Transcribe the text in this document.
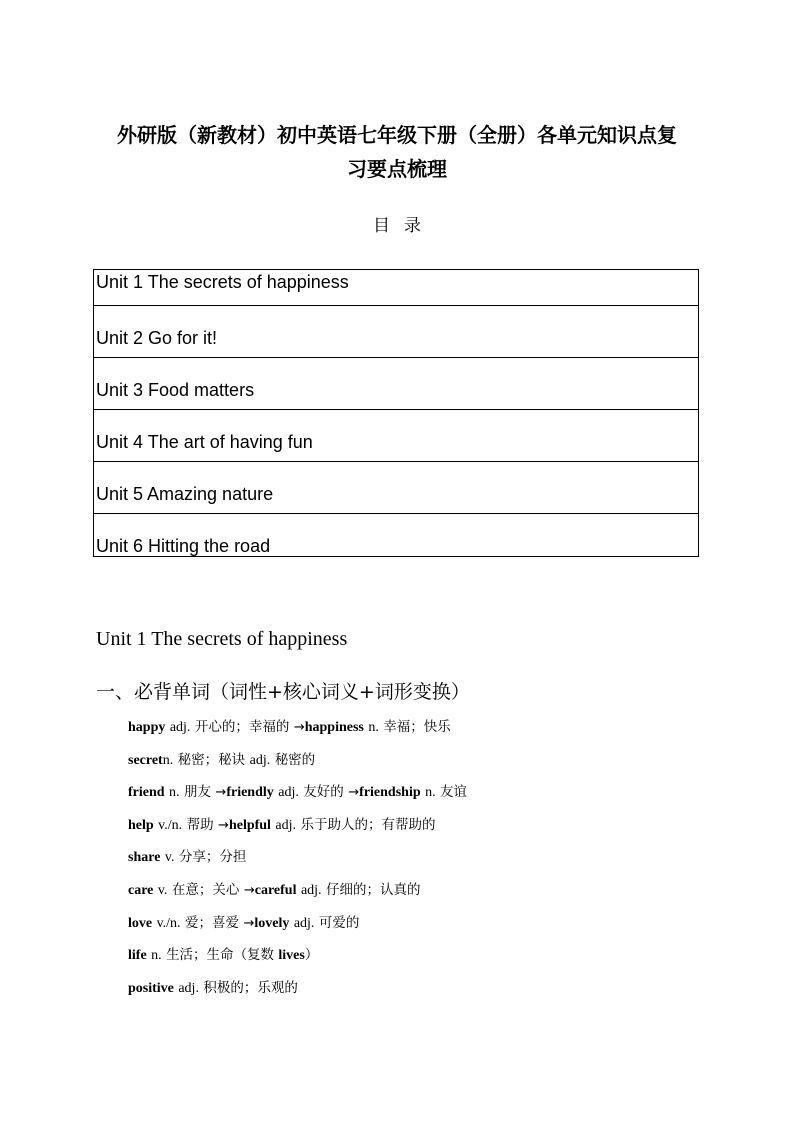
外研版（新教材）初中英语七年级下册（全册）各单元知识点复
习要点梳理
目录
Unit 1 The secrets of happiness
Unit 2 Go for it!
Unit 3 Food matters
Unit 4 The art of having fun
Unit 5 Amazing nature
Unit 6 Hitting the road
Unit 1 The secrets of happiness
一、必背单词（词性+核心词义+词形变换）
happy adj. 开心的；幸福的 →happiness n. 幸福；快乐
secretn. 秘密；秘诀 adj. 秘密的
friend n. 朋友 →friendly adj. 友好的 →friendship n. 友谊
help v./n. 帮助 →helpful adj. 乐于助人的；有帮助的
share v. 分享；分担
care v. 在意；关心 →careful adj. 仔细的；认真的
love v./n. 爱；喜爱 →lovely adj. 可爱的
life n. 生活；生命（复数 lives）
positive adj. 积极的；乐观的
